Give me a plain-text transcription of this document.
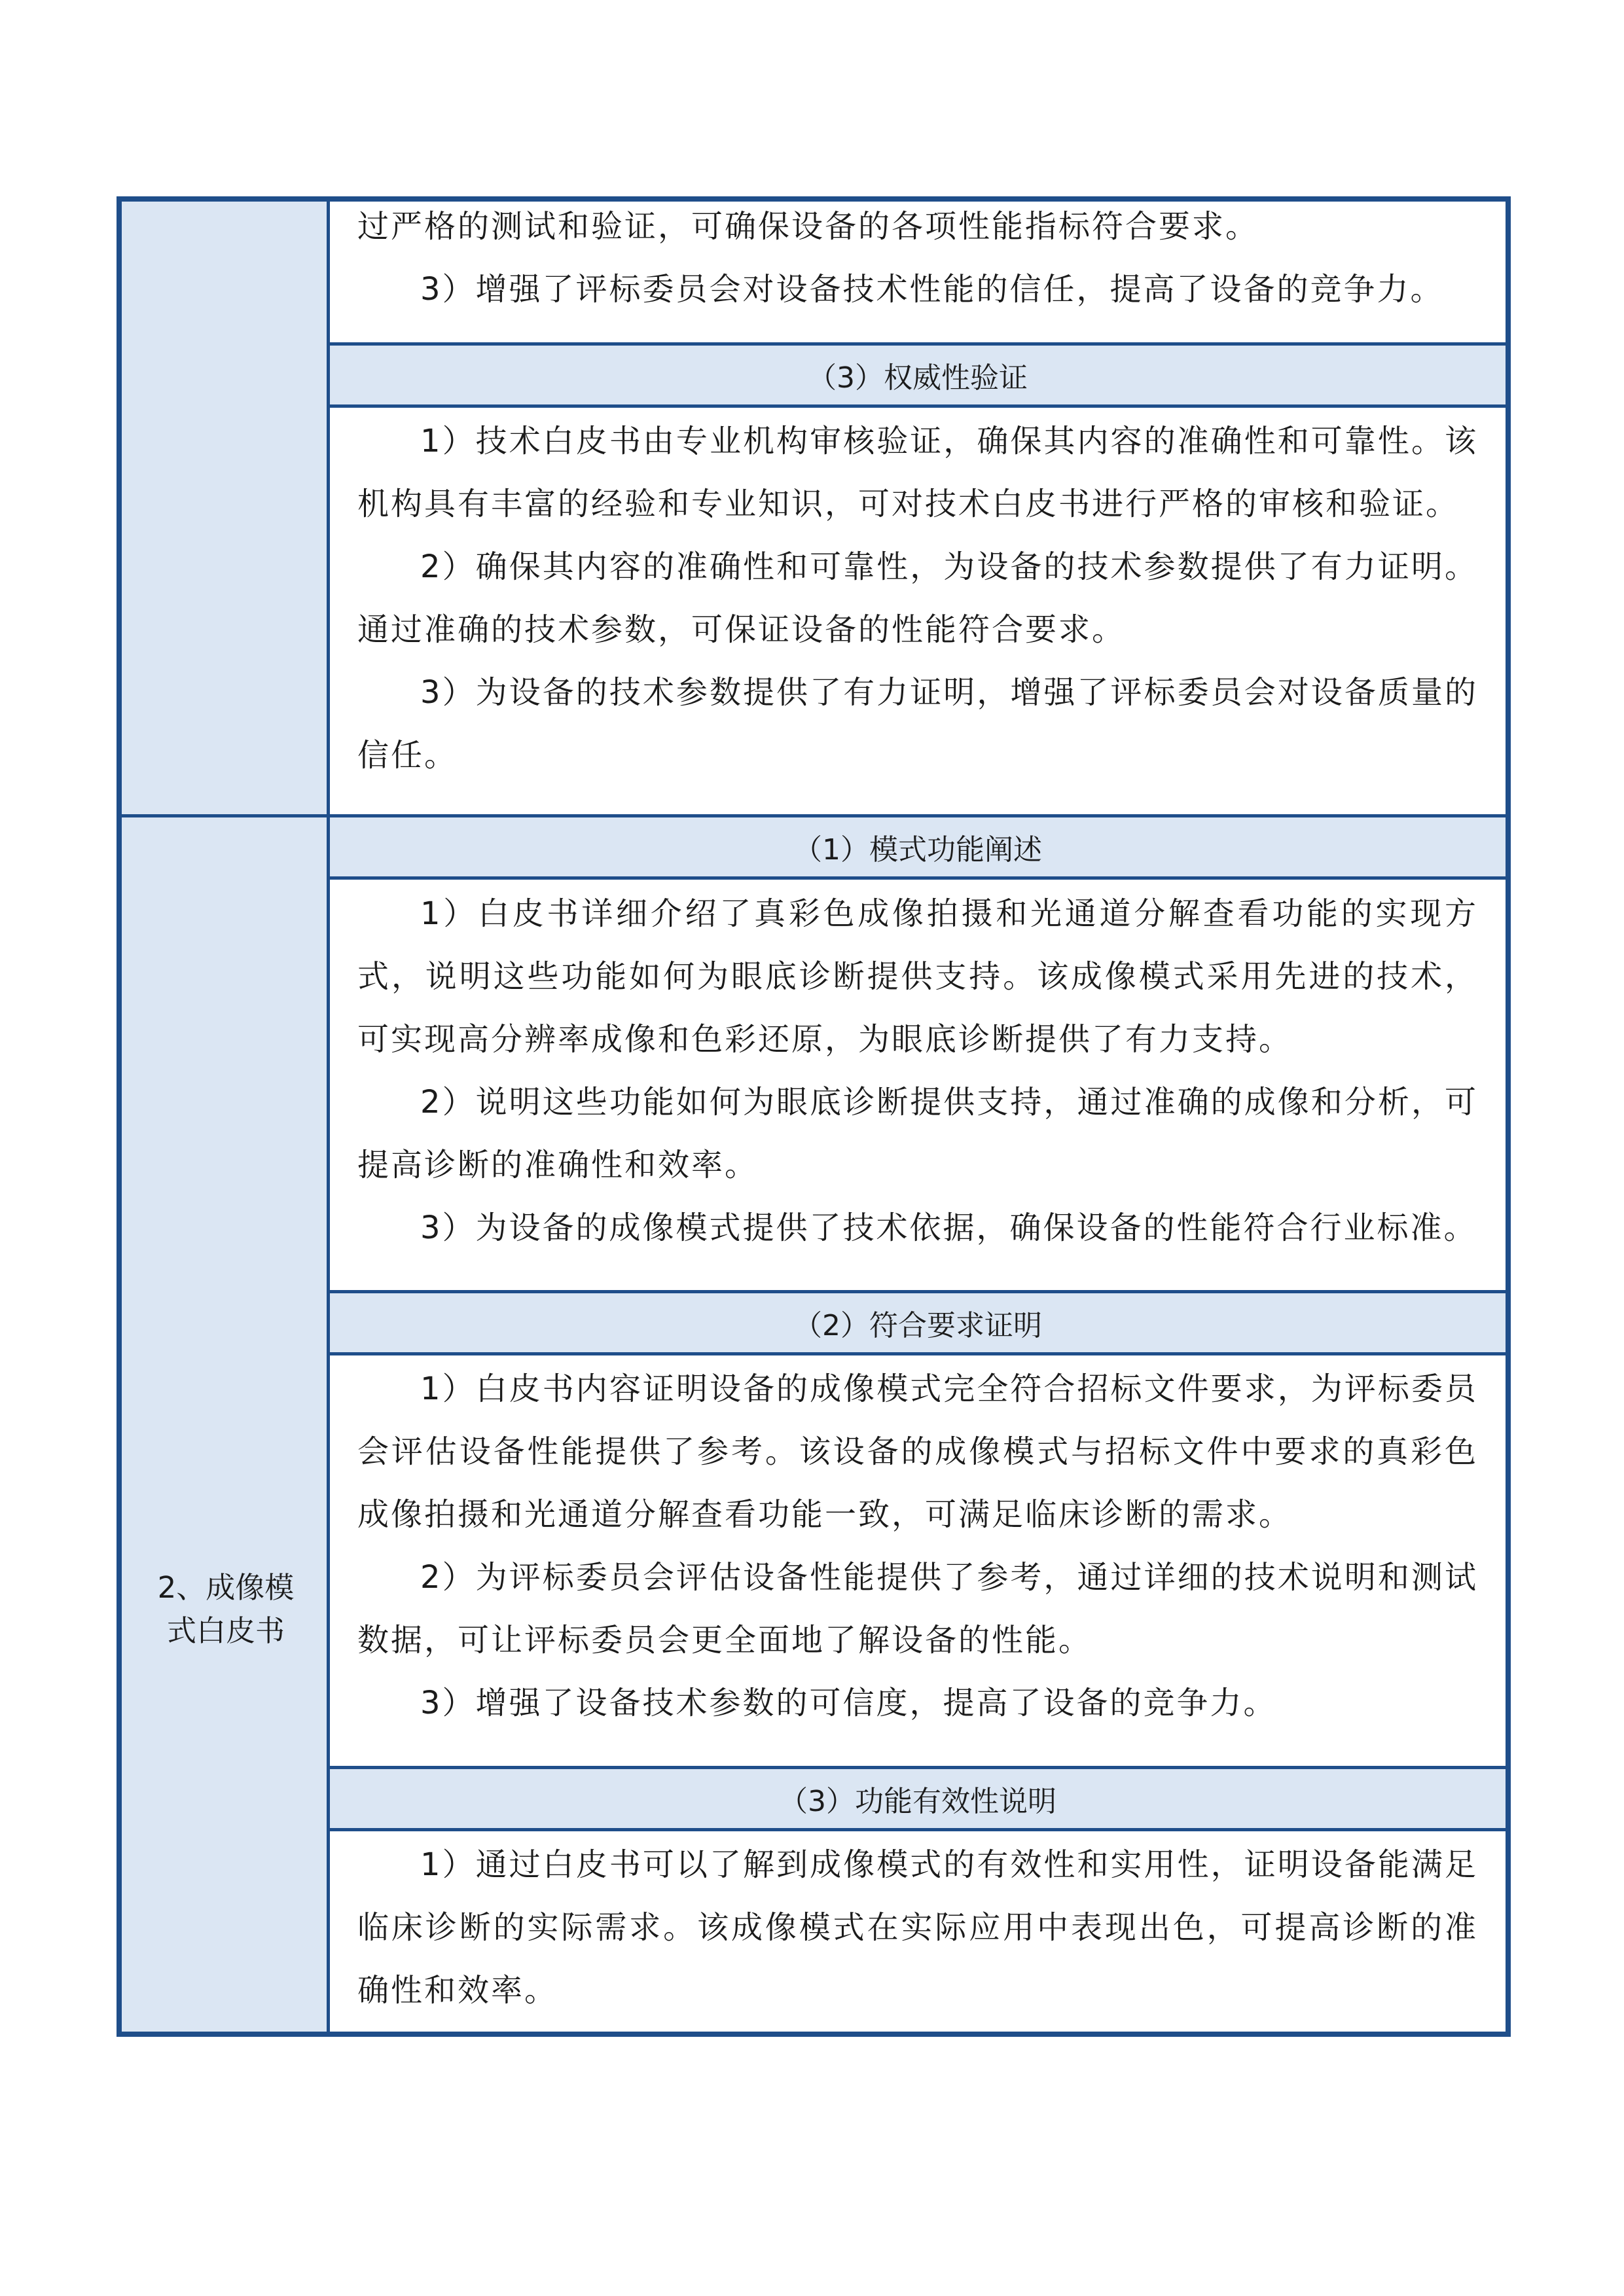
2、成像模
式白皮书

过严格的测试和验证，可确保设备的各项性能指标符合要求。

3）增强了评标委员会对设备技术性能的信任，提高了设备的竞争力。

（3）权威性验证

1）技术白皮书由专业机构审核验证，确保其内容的准确性和可靠性。该机构具有丰富的经验和专业知识，可对技术白皮书进行严格的审核和验证。

2）确保其内容的准确性和可靠性，为设备的技术参数提供了有力证明。通过准确的技术参数，可保证设备的性能符合要求。

3）为设备的技术参数提供了有力证明，增强了评标委员会对设备质量的信任。

（1）模式功能阐述

1）白皮书详细介绍了真彩色成像拍摄和光通道分解查看功能的实现方式，说明这些功能如何为眼底诊断提供支持。该成像模式采用先进的技术，可实现高分辨率成像和色彩还原，为眼底诊断提供了有力支持。

2）说明这些功能如何为眼底诊断提供支持，通过准确的成像和分析，可提高诊断的准确性和效率。

3）为设备的成像模式提供了技术依据，确保设备的性能符合行业标准。

（2）符合要求证明

1）白皮书内容证明设备的成像模式完全符合招标文件要求，为评标委员会评估设备性能提供了参考。该设备的成像模式与招标文件中要求的真彩色成像拍摄和光通道分解查看功能一致，可满足临床诊断的需求。

2）为评标委员会评估设备性能提供了参考，通过详细的技术说明和测试数据，可让评标委员会更全面地了解设备的性能。

3）增强了设备技术参数的可信度，提高了设备的竞争力。

（3）功能有效性说明

1）通过白皮书可以了解到成像模式的有效性和实用性，证明设备能满足临床诊断的实际需求。该成像模式在实际应用中表现出色，可提高诊断的准确性和效率。
